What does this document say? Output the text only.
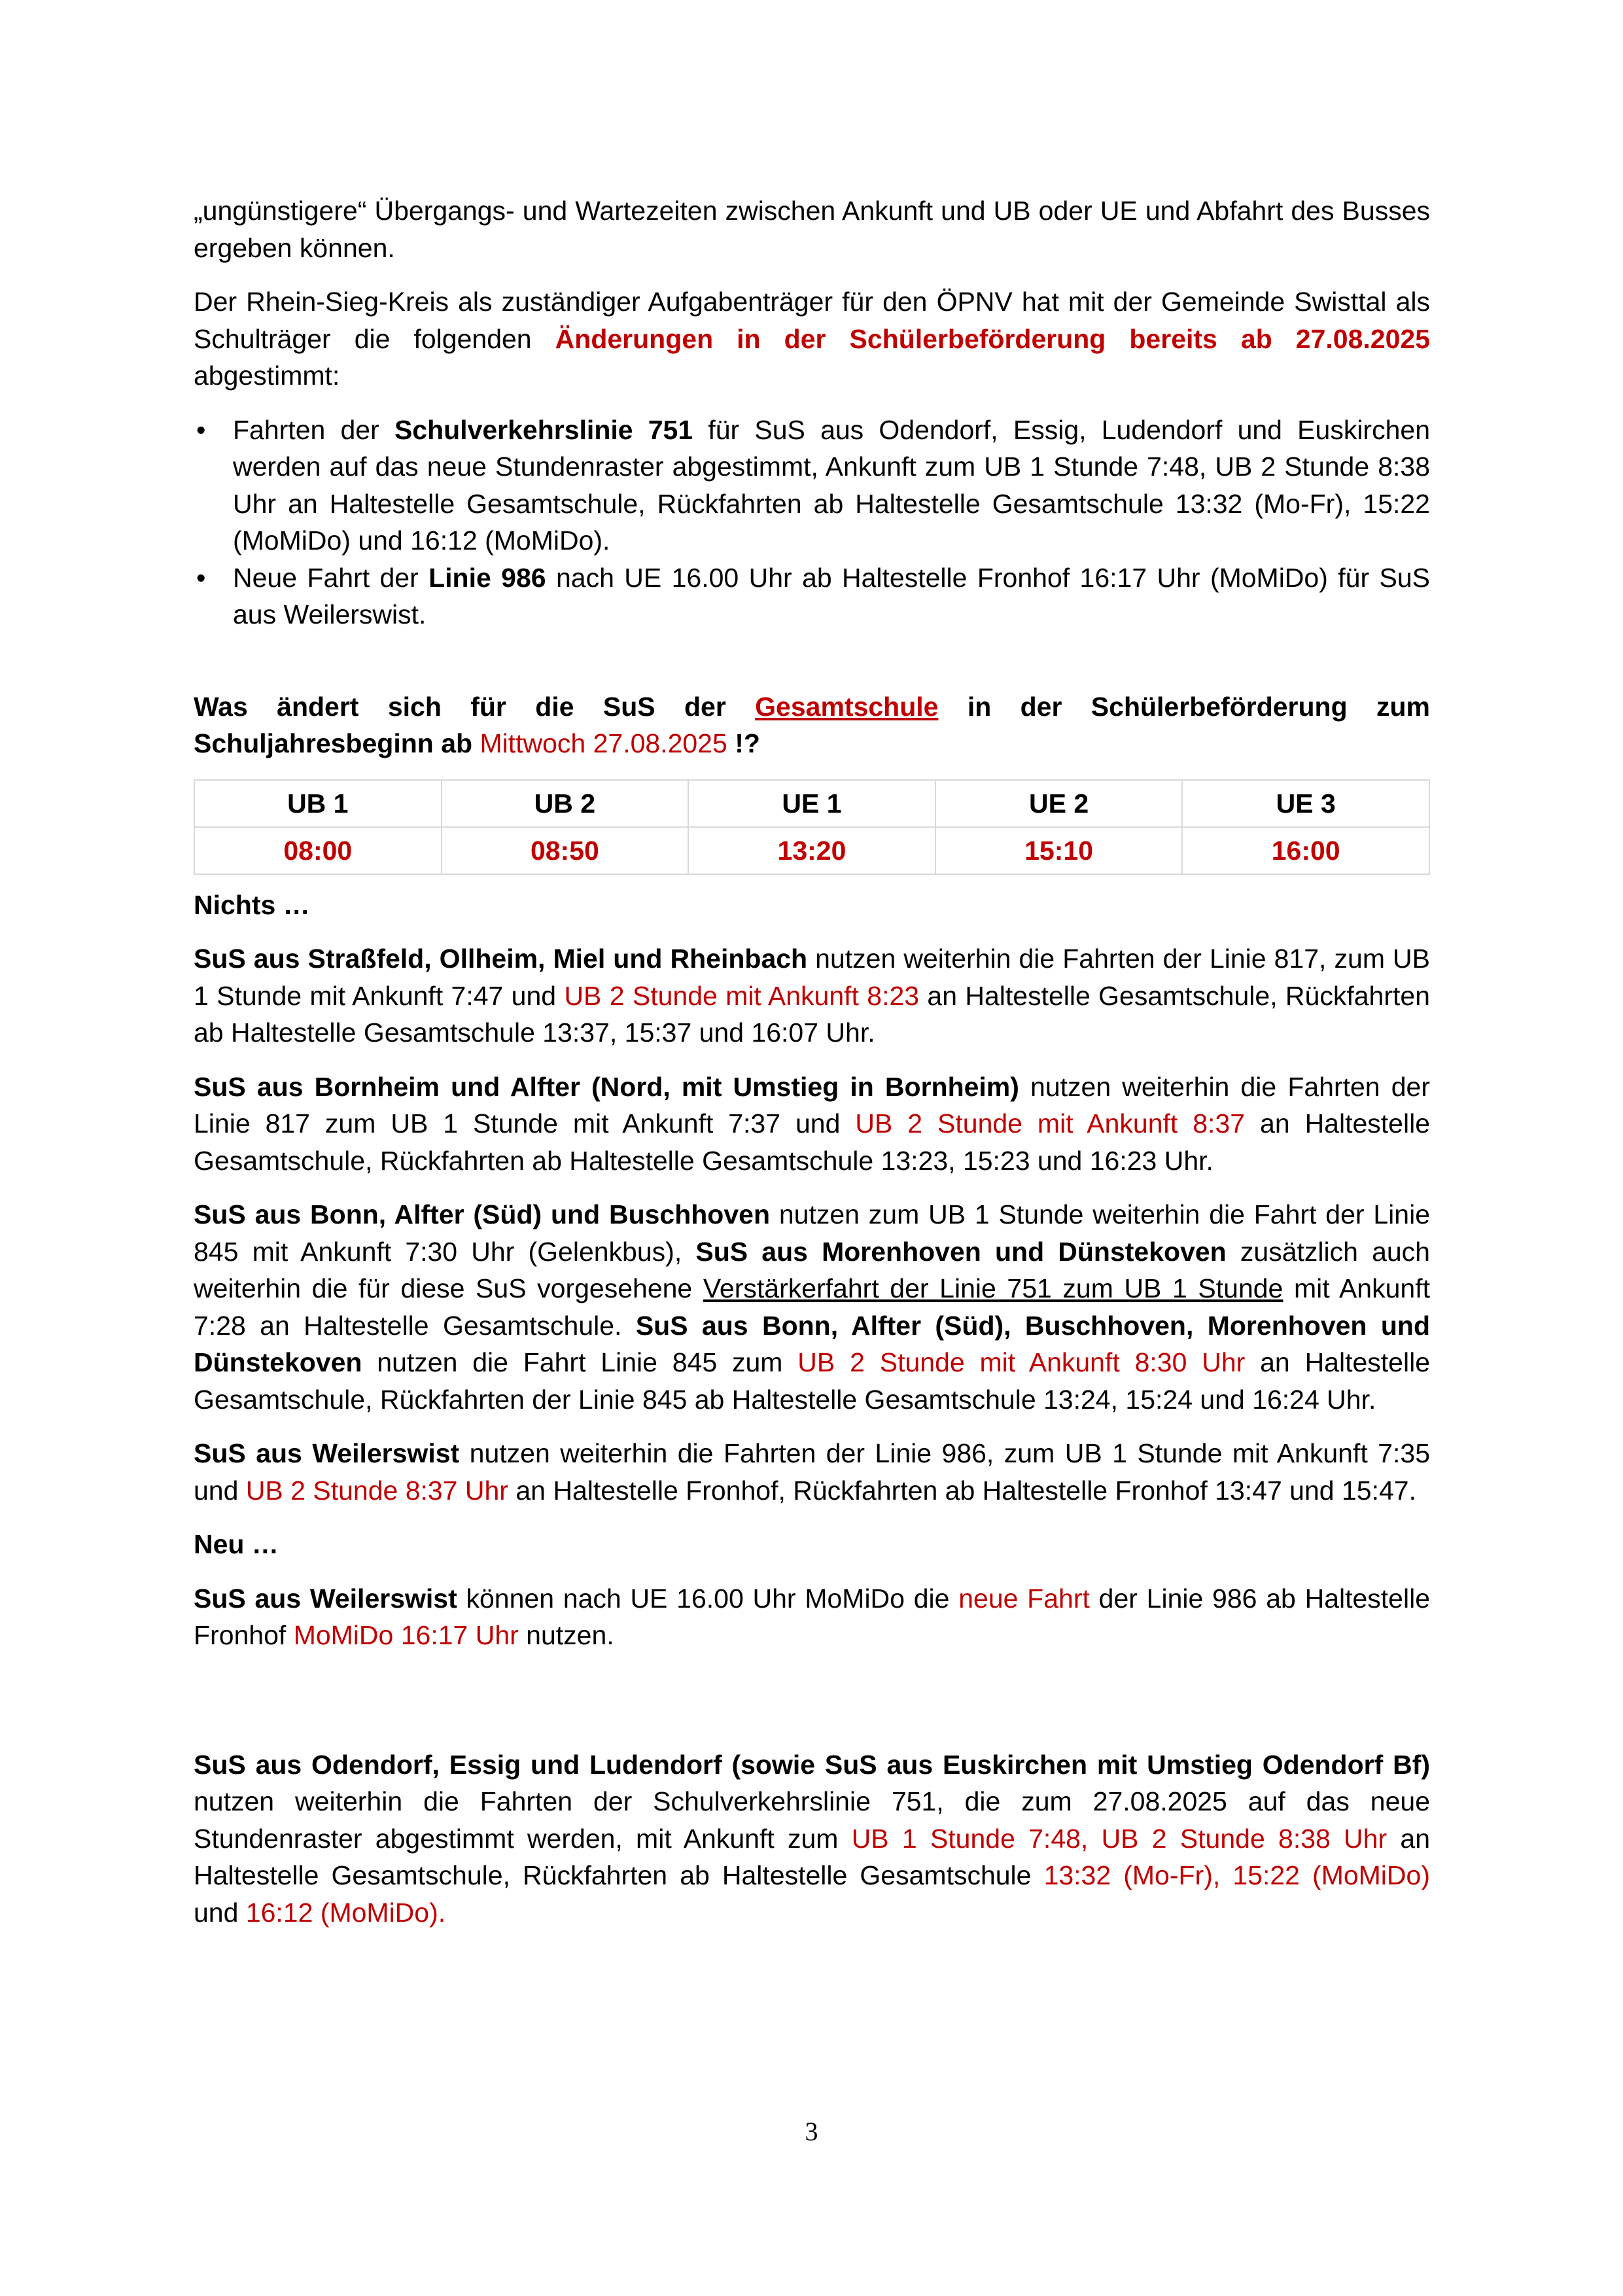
„ungünstigere“ Übergangs- und Wartezeiten zwischen Ankunft und UB oder UE und Abfahrt des Busses ergeben können.

Der Rhein-Sieg-Kreis als zuständiger Aufgabenträger für den ÖPNV hat mit der Gemeinde Swisttal als Schulträger die folgenden Änderungen in der Schülerbeförderung bereits ab 27.08.2025 abgestimmt:

• Fahrten der Schulverkehrslinie 751 für SuS aus Odendorf, Essig, Ludendorf und Euskirchen werden auf das neue Stundenraster abgestimmt, Ankunft zum UB 1 Stunde 7:48, UB 2 Stunde 8:38 Uhr an Haltestelle Gesamtschule, Rückfahrten ab Haltestelle Gesamtschule 13:32 (Mo-Fr), 15:22 (MoMiDo) und 16:12 (MoMiDo).
• Neue Fahrt der Linie 986 nach UE 16.00 Uhr ab Haltestelle Fronhof 16:17 Uhr (MoMiDo) für SuS aus Weilerswist.

Was ändert sich für die SuS der Gesamtschule in der Schülerbeförderung zum Schuljahresbeginn ab Mittwoch 27.08.2025 !?

UB 1	UB 2	UE 1	UE 2	UE 3
08:00	08:50	13:20	15:10	16:00

Nichts …

SuS aus Straßfeld, Ollheim, Miel und Rheinbach nutzen weiterhin die Fahrten der Linie 817, zum UB 1 Stunde mit Ankunft 7:47 und UB 2 Stunde mit Ankunft 8:23 an Haltestelle Gesamtschule, Rückfahrten ab Haltestelle Gesamtschule 13:37, 15:37 und 16:07 Uhr.

SuS aus Bornheim und Alfter (Nord, mit Umstieg in Bornheim) nutzen weiterhin die Fahrten der Linie 817 zum UB 1 Stunde mit Ankunft 7:37 und UB 2 Stunde mit Ankunft 8:37 an Haltestelle Gesamtschule, Rückfahrten ab Haltestelle Gesamtschule 13:23, 15:23 und 16:23 Uhr.

SuS aus Bonn, Alfter (Süd) und Buschhoven nutzen zum UB 1 Stunde weiterhin die Fahrt der Linie 845 mit Ankunft 7:30 Uhr (Gelenkbus), SuS aus Morenhoven und Dünstekoven zusätzlich auch weiterhin die für diese SuS vorgesehene Verstärkerfahrt der Linie 751 zum UB 1 Stunde mit Ankunft 7:28 an Haltestelle Gesamtschule. SuS aus Bonn, Alfter (Süd), Buschhoven, Morenhoven und Dünstekoven nutzen die Fahrt Linie 845 zum UB 2 Stunde mit Ankunft 8:30 Uhr an Haltestelle Gesamtschule, Rückfahrten der Linie 845 ab Haltestelle Gesamtschule 13:24, 15:24 und 16:24 Uhr.

SuS aus Weilerswist nutzen weiterhin die Fahrten der Linie 986, zum UB 1 Stunde mit Ankunft 7:35 und UB 2 Stunde 8:37 Uhr an Haltestelle Fronhof, Rückfahrten ab Haltestelle Fronhof 13:47 und 15:47.

Neu …

SuS aus Weilerswist können nach UE 16.00 Uhr MoMiDo die neue Fahrt der Linie 986 ab Haltestelle Fronhof MoMiDo 16:17 Uhr nutzen.

SuS aus Odendorf, Essig und Ludendorf (sowie SuS aus Euskirchen mit Umstieg Odendorf Bf) nutzen weiterhin die Fahrten der Schulverkehrslinie 751, die zum 27.08.2025 auf das neue Stundenraster abgestimmt werden, mit Ankunft zum UB 1 Stunde 7:48, UB 2 Stunde 8:38 Uhr an Haltestelle Gesamtschule, Rückfahrten ab Haltestelle Gesamtschule 13:32 (Mo-Fr), 15:22 (MoMiDo) und 16:12 (MoMiDo).

3
